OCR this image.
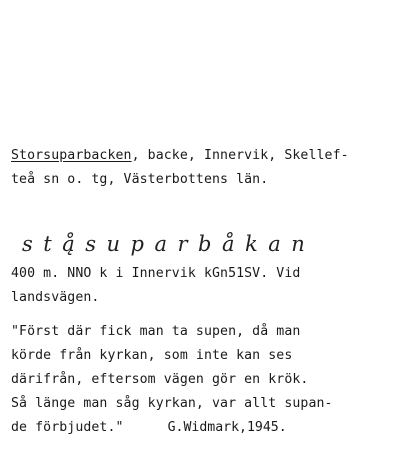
Storsuparbacken, backe, Innervik, Skellef-
teå sn o. tg, Västerbottens län.
stą̊suparbåkan
400 m. NNO k i Innervik kGn51SV. Vid
landsvägen.
"Först där fick man ta supen, då man
körde från kyrkan, som inte kan ses
därifrån, eftersom vägen gör en krök.
Så länge man såg kyrkan, var allt supan-
de förbjudet."	G.Widmark,1945.
